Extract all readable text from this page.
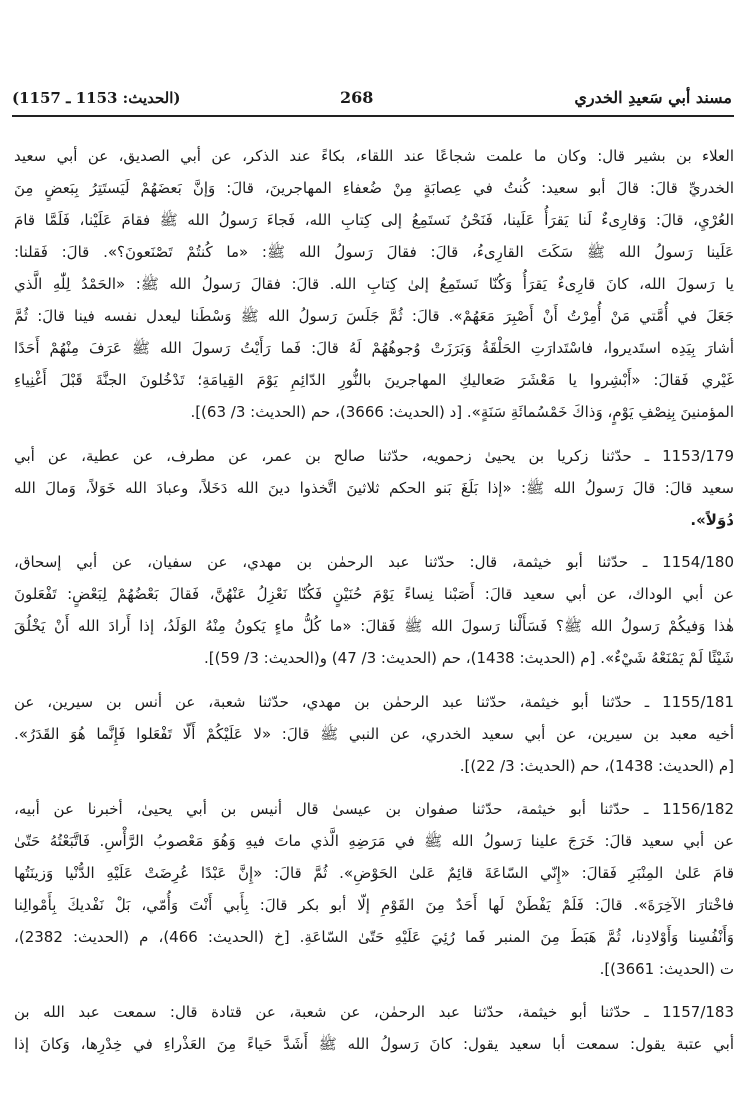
مسند أبي سَعيدِ الخدري
268
(الحديث: 1153 ـ 1157)
العلاء بن بشير قال: وكان ما علمت شجاعًا عند اللقاء، بكاءً عند الذكر، عن أبي الصديق، عن أبي سعيد
الخدريِّ قالَ: قالَ أبو سعيد: كُنتُ في عِصابَةٍ مِنْ ضُعفاءِ المهاجرينَ، قالَ: وَإنَّ بَعضَهُمْ لَيَستَتِرُ بِبَعضٍ مِنَ
العُرْيِ، قالَ: وَقارِىءٌ لَنا يَقرَأُ عَلَينا، فَنَحْنُ نَستَمِعُ إلى كِتابِ الله، فَجاءَ رَسولُ الله ﷺ فقامَ عَلَيْنا، فَلَمَّا قامَ
عَلَينا رَسولُ الله ﷺ سَكَتَ القارِىءُ، قالَ: فقالَ رَسولُ الله ﷺ: «ما كُنتُمْ تَصْنَعونَ؟». قالَ: فَقلنا:
يا رَسولَ الله، كانَ قارِىءٌ يَقرَأُ وَكُنّا نَستَمِعُ إلىٰ كِتابِ الله. قالَ: فقالَ رَسولُ الله ﷺ: «الحَمْدُ لِلّٰهِ الَّذي
جَعَلَ في أُمَّتي مَنْ أُمِرْتُ أَنْ أَصْبِرَ مَعَهُمْ». قالَ: ثُمَّ جَلَسَ رَسولُ الله ﷺ وَسْطَنا ليعدل نفسه فينا قالَ: ثُمَّ
أشارَ بِيَدِه استَديروا، فاسْتَدارَتِ الحَلْقَةُ وَبَرَزَتْ وُجوهُهُمْ لَهُ قالَ: فَما رَأَيْتُ رَسولَ الله ﷺ عَرَفَ مِنْهُمْ أَحَدًا
غَيْري فَقالَ: «أَبْشِروا يا مَعْشَرَ صَعاليكِ المهاجرينَ بالنُّورِ الدّائِمِ يَوْمَ القِيامَةِ؛ تَدْخُلونَ الجنَّةَ قَبْلَ أَغْنِياءِ
المؤمنينَ بِنِصْفِ يَوْمٍ، وَذاكَ خَمْسُمائَةِ سَنَةٍ». [د (الحديث: 3666)، حم (الحديث: 3/ 63)].
1153/179 ـ حدّثنا زكريا بن يحيىٰ زحمويه، حدّثنا صالح بن عمر، عن مطرف، عن عطية، عن أبي
سعيد قالَ: قالَ رَسولُ الله ﷺ: «إذا بَلَغَ بَنو الحكم ثلاثينَ اتَّخذوا دينَ الله دَخَلاً، وعبادَ الله خَوَلاً، وَمالَ الله
دُوَلاً».
1154/180 ـ حدّثنا أبو خيثمة، قال: حدّثنا عبد الرحمٰن بن مهدي، عن سفيان، عن أبي إسحاق،
عن أبي الوداك، عن أبي سعيد قالَ: أَصَبْنا نِساءً يَوْمَ حُنَيْنٍ فَكُنّا نَعْزِلُ عَنْهُنَّ، فَقالَ بَعْضُهُمْ لِبَعْضٍ: تَفْعَلونَ
هٰذا وَفيكُمْ رَسولُ الله ﷺ؟ فَسَأَلْنا رَسولَ الله ﷺ فَقالَ: «ما كُلُّ ماءٍ يَكونُ مِنْهُ الوَلَدُ، إذا أَرادَ الله أَنْ يَخْلُقَ
شَيْئًا لَمْ يَمْنَعْهُ شَيْءٌ». [م (الحديث: 1438)، حم (الحديث: 3/ 47) و(الحديث: 3/ 59)].
1155/181 ـ حدّثنا أبو خيثمة، حدّثنا عبد الرحمٰن بن مهدي، حدّثنا شعبة، عن أنس بن سيرين، عن
أخيه معبد بن سيرين، عن أبي سعيد الخدري، عن النبي ﷺ قالَ: «لا عَلَيْكُمْ أَلّا تَفْعَلوا فَإِنَّما هُوَ القَدَرُ».
[م (الحديث: 1438)، حم (الحديث: 3/ 22)].
1156/182 ـ حدّثنا أبو خيثمة، حدّثنا صفوان بن عيسىٰ قال أنيس بن أبي يحيىٰ، أخبرنا عن أبيه،
عن أبي سعيد قالَ: خَرَجَ علينا رَسولُ الله ﷺ في مَرَضِهِ الَّذي ماتَ فيهِ وَهُوَ مَعْصوبُ الرَّأْسِ. فَاتَّبَعْتُهُ حَتّىٰ
قامَ عَلىٰ المِنْبَرِ فَقالَ: «إِنّي السّاعَةَ قائِمٌ عَلىٰ الحَوْضِ». ثُمَّ قالَ: «إِنَّ عَبْدًا عُرِضَتْ عَلَيْهِ الدُّنْيا وَزينَتُها
فاخْتارَ الآخِرَةَ». قالَ: فَلَمْ يَفْطَنْ لَها أَحَدٌ مِنَ القَوْمِ إلّا أبو بكر قالَ: بِأَبي أَنْتَ وَأُمّي، بَلْ نَفْديكَ بِأَمْوالِنا
وَأَنْفُسِنا وَأَوْلادِنا، ثُمَّ هَبَطَ مِنَ المنبر فَما رُئِيَ عَلَيْهِ حَتّىٰ السّاعَةِ. [خ (الحديث: 466)، م (الحديث: 2382)،
ت (الحديث: 3661)].
1157/183 ـ حدّثنا أبو خيثمة، حدّثنا عبد الرحمٰن، عن شعبة، عن قتادة قال: سمعت عبد الله بن
أبي عتبة يقول: سمعت أبا سعيد يقول: كانَ رَسولُ الله ﷺ أَشَدَّ حَياءً مِنَ العَذْراءِ في خِدْرِها، وَكانَ إذا
